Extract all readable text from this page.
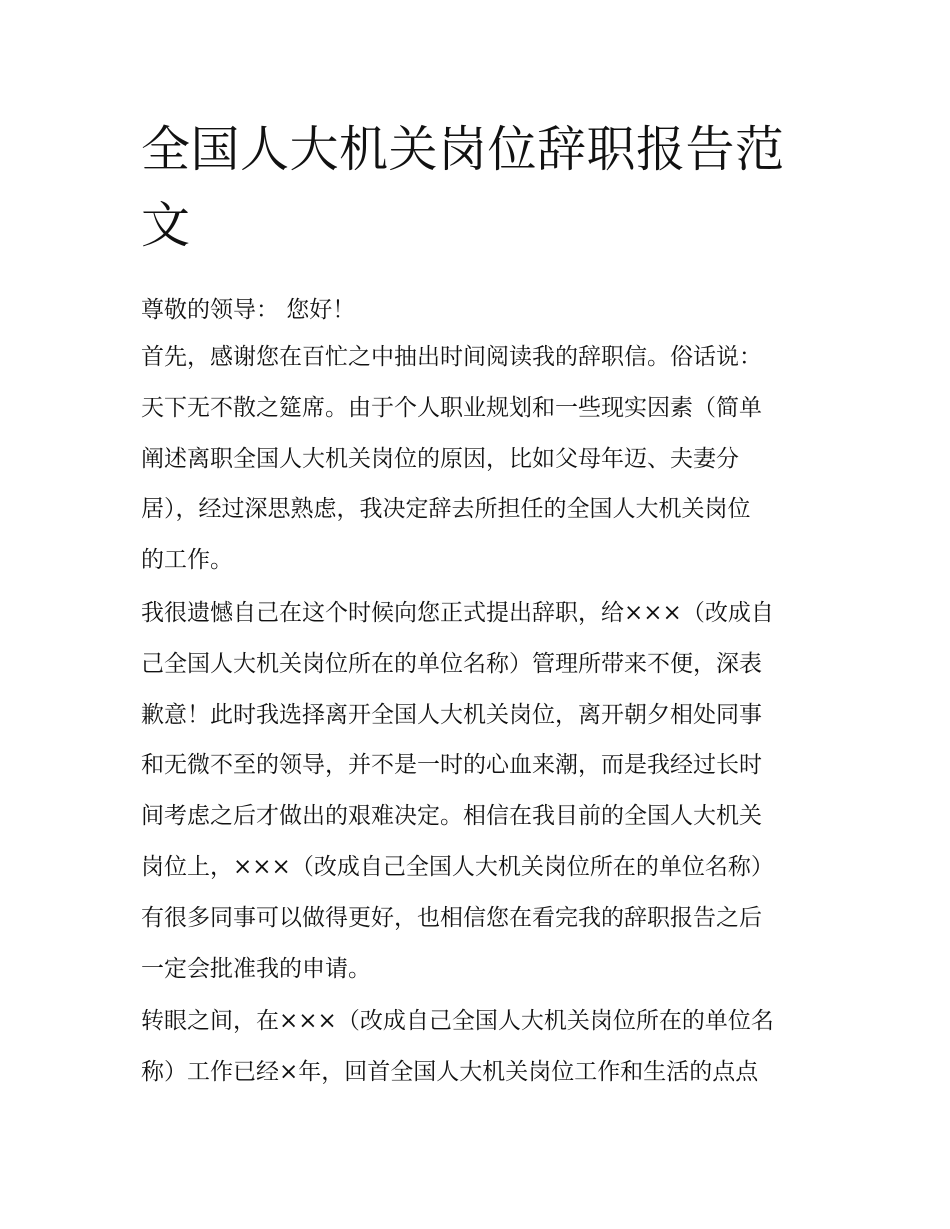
全国人大机关岗位辞职报告范
文

尊敬的领导： 您好！

首先，感谢您在百忙之中抽出时间阅读我的辞职信。俗话说：
天下无不散之筵席。由于个人职业规划和一些现实因素（简单
阐述离职全国人大机关岗位的原因，比如父母年迈、夫妻分
居），经过深思熟虑，我决定辞去所担任的全国人大机关岗位
的工作。

我很遗憾自己在这个时候向您正式提出辞职，给×××（改成自
己全国人大机关岗位所在的单位名称）管理所带来不便，深表
歉意！此时我选择离开全国人大机关岗位，离开朝夕相处同事
和无微不至的领导，并不是一时的心血来潮，而是我经过长时
间考虑之后才做出的艰难决定。相信在我目前的全国人大机关
岗位上，×××（改成自己全国人大机关岗位所在的单位名称）
有很多同事可以做得更好，也相信您在看完我的辞职报告之后
一定会批准我的申请。

转眼之间，在×××（改成自己全国人大机关岗位所在的单位名
称）工作已经×年，回首全国人大机关岗位工作和生活的点点
